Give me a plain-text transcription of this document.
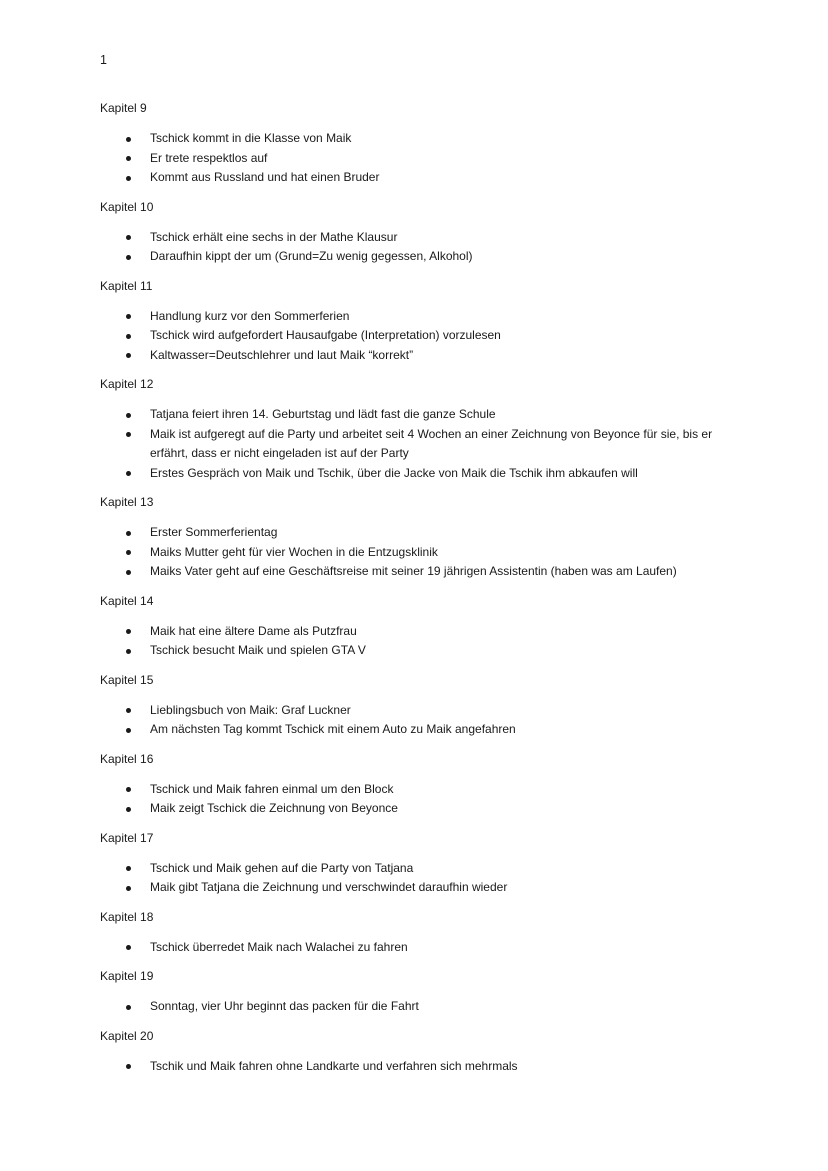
1
Kapitel 9
Tschick kommt in die Klasse von Maik
Er trete respektlos auf
Kommt aus Russland und hat einen Bruder
Kapitel 10
Tschick erhält eine sechs in der Mathe Klausur
Daraufhin kippt der um (Grund=Zu wenig gegessen, Alkohol)
Kapitel 11
Handlung kurz vor den Sommerferien
Tschick wird aufgefordert Hausaufgabe (Interpretation) vorzulesen
Kaltwasser=Deutschlehrer und laut Maik “korrekt”
Kapitel 12
Tatjana feiert ihren 14. Geburtstag und lädt fast die ganze Schule
Maik ist aufgeregt auf die Party und arbeitet seit 4 Wochen an einer Zeichnung von Beyonce für sie, bis er erfährt, dass er nicht eingeladen ist auf der Party
Erstes Gespräch von Maik und Tschik, über die Jacke von Maik die Tschik ihm abkaufen will
Kapitel 13
Erster Sommerferientag
Maiks Mutter geht für vier Wochen in die Entzugsklinik
Maiks Vater geht auf eine Geschäftsreise mit seiner 19 jährigen Assistentin (haben was am Laufen)
Kapitel 14
Maik hat eine ältere Dame als Putzfrau
Tschick besucht Maik und spielen GTA V
Kapitel 15
Lieblingsbuch von Maik: Graf Luckner
Am nächsten Tag kommt Tschick mit einem Auto zu Maik angefahren
Kapitel 16
Tschick und Maik fahren einmal um den Block
Maik zeigt Tschick die Zeichnung von Beyonce
Kapitel 17
Tschick und Maik gehen auf die Party von Tatjana
Maik gibt Tatjana die Zeichnung und verschwindet daraufhin wieder
Kapitel 18
Tschick überredet Maik nach Walachei zu fahren
Kapitel 19
Sonntag, vier Uhr beginnt das packen für die Fahrt
Kapitel 20
Tschik und Maik fahren ohne Landkarte und verfahren sich mehrmals
